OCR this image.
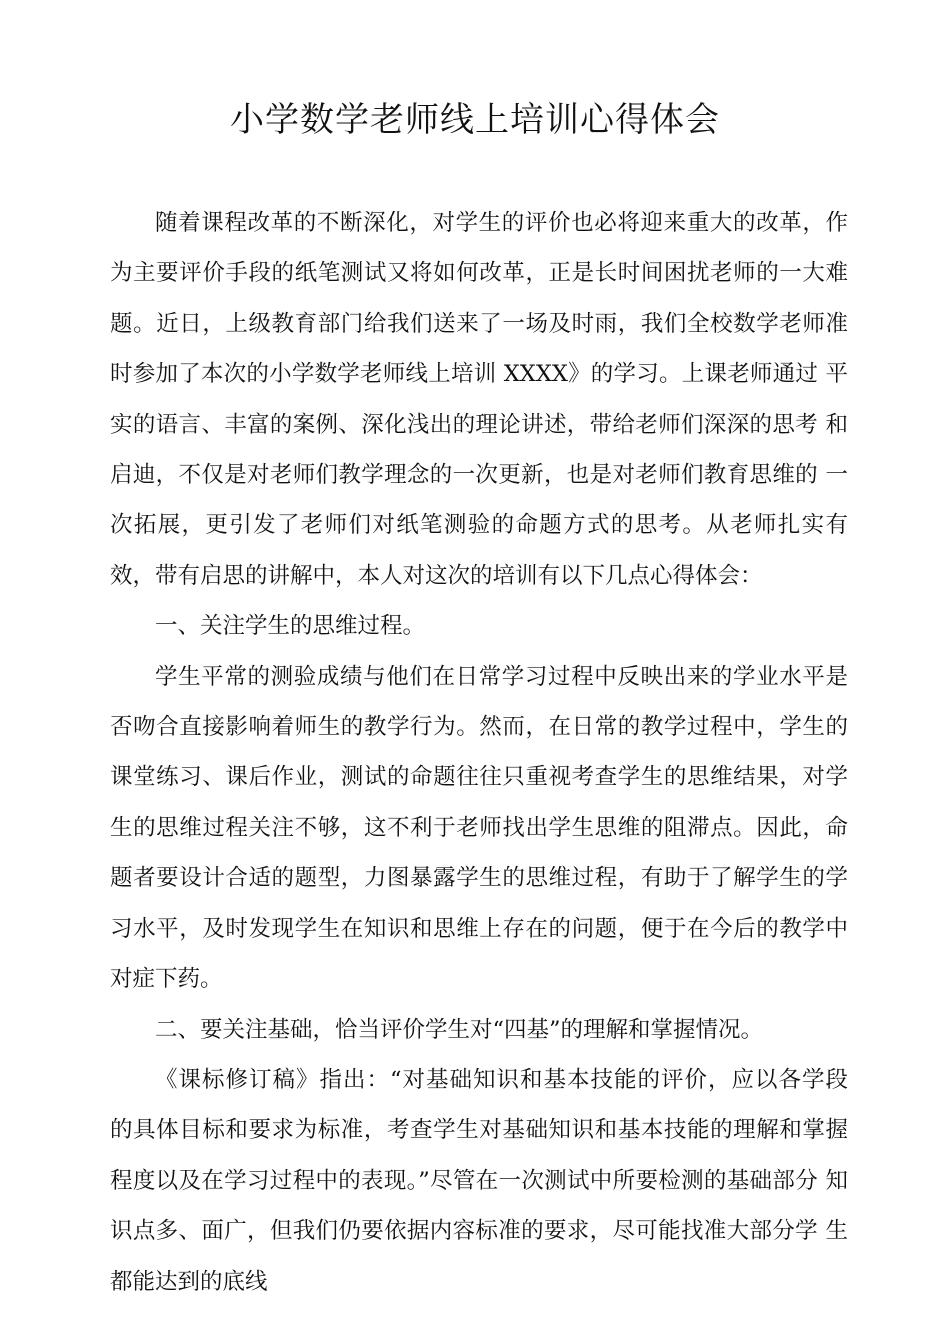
小学数学老师线上培训心得体会

随着课程改革的不断深化，对学生的评价也必将迎来重大的改革，作 为主要评价手段的纸笔测试又将如何改革，正是长时间困扰老师的一大难 题。近日，上级教育部门给我们送来了一场及时雨，我们全校数学老师准 时参加了本次的小学数学老师线上培训 XXXX》的学习。上课老师通过 平实的语言、丰富的案例、深化浅出的理论讲述，带给老师们深深的思考 和启迪，不仅是对老师们教学理念的一次更新，也是对老师们教育思维的 一次拓展，更引发了老师们对纸笔测验的命题方式的思考。从老师扎实有 效，带有启思的讲解中，本人对这次的培训有以下几点心得体会：

一、关注学生的思维过程。

学生平常的测验成绩与他们在日常学习过程中反映出来的学业水平是 否吻合直接影响着师生的教学行为。然而，在日常的教学过程中，学生的 课堂练习、课后作业，测试的命题往往只重视考查学生的思维结果，对学 生的思维过程关注不够，这不利于老师找出学生思维的阻滞点。因此，命 题者要设计合适的题型，力图暴露学生的思维过程，有助于了解学生的学 习水平，及时发现学生在知识和思维上存在的问题，便于在今后的教学中 对症下药。

二、要关注基础，恰当评价学生对“四基”的理解和掌握情况。

《课标修订稿》指出：“对基础知识和基本技能的评价，应以各学段 的具体目标和要求为标准，考查学生对基础知识和基本技能的理解和掌握 程度以及在学习过程中的表现。”尽管在一次测试中所要检测的基础部分 知识点多、面广，但我们仍要依据内容标准的要求，尽可能找准大部分学 生都能达到的底线
